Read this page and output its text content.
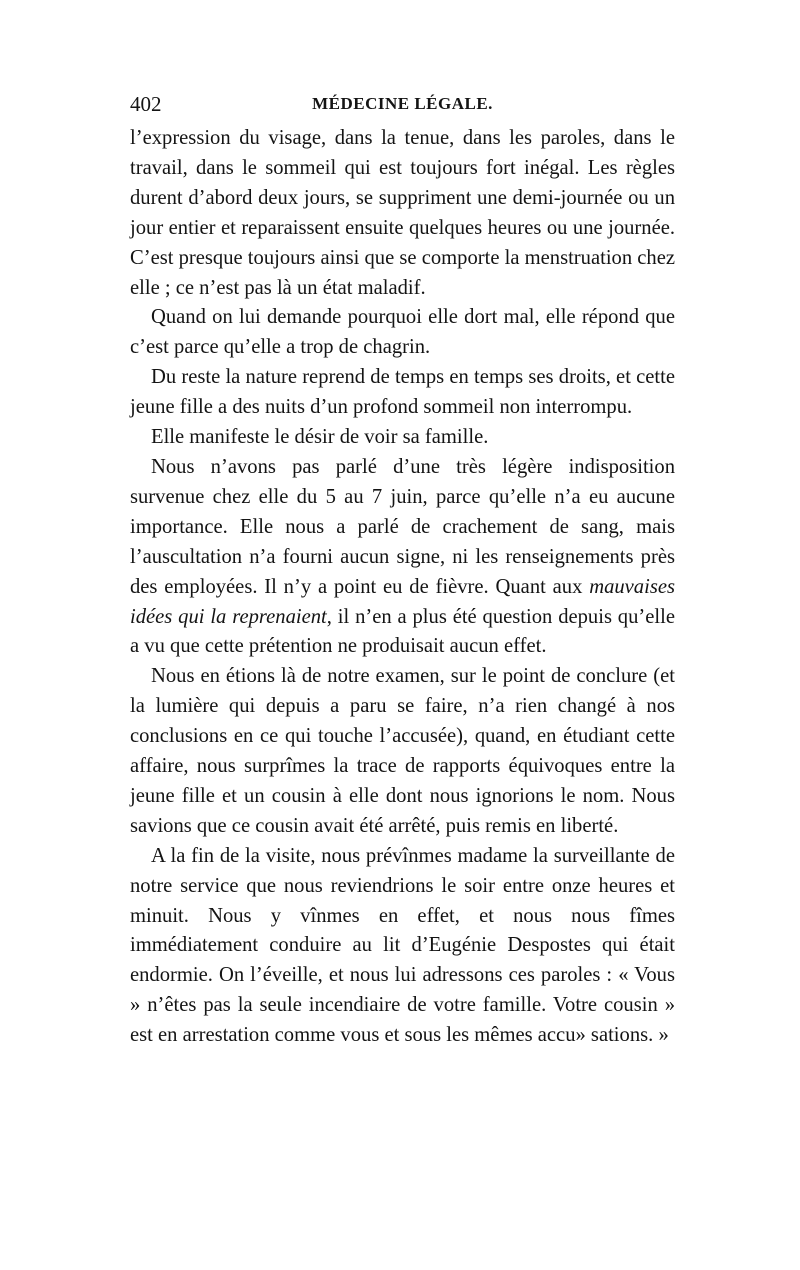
402	MÉDECINE LÉGALE.

l’expression du visage, dans la tenue, dans les paroles, dans le travail, dans le sommeil qui est toujours fort inégal. Les règles durent d’abord deux jours, se suppriment une demi-journée ou un jour entier et reparaissent ensuite quelques heures ou une journée. C’est presque toujours ainsi que se comporte la menstruation chez elle ; ce n’est pas là un état maladif.

Quand on lui demande pourquoi elle dort mal, elle répond que c’est parce qu’elle a trop de chagrin.

Du reste la nature reprend de temps en temps ses droits, et cette jeune fille a des nuits d’un profond sommeil non interrompu.

Elle manifeste le désir de voir sa famille.

Nous n’avons pas parlé d’une très légère indisposition survenue chez elle du 5 au 7 juin, parce qu’elle n’a eu aucune importance. Elle nous a parlé de crachement de sang, mais l’auscultation n’a fourni aucun signe, ni les renseignements près des employées. Il n’y a point eu de fièvre. Quant aux mauvaises idées qui la reprenaient, il n’en a plus été question depuis qu’elle a vu que cette prétention ne produisait aucun effet.

Nous en étions là de notre examen, sur le point de conclure (et la lumière qui depuis a paru se faire, n’a rien changé à nos conclusions en ce qui touche l’accusée), quand, en étudiant cette affaire, nous surprîmes la trace de rapports équivoques entre la jeune fille et un cousin à elle dont nous ignorions le nom. Nous savions que ce cousin avait été arrêté, puis remis en liberté.

A la fin de la visite, nous prévînmes madame la surveillante de notre service que nous reviendrions le soir entre onze heures et minuit. Nous y vînmes en effet, et nous nous fîmes immédiatement conduire au lit d’Eugénie Despostes qui était endormie. On l’éveille, et nous lui adressons ces paroles : « Vous » n’êtes pas la seule incendiaire de votre famille. Votre cousin » est en arrestation comme vous et sous les mêmes accu» sations. »
